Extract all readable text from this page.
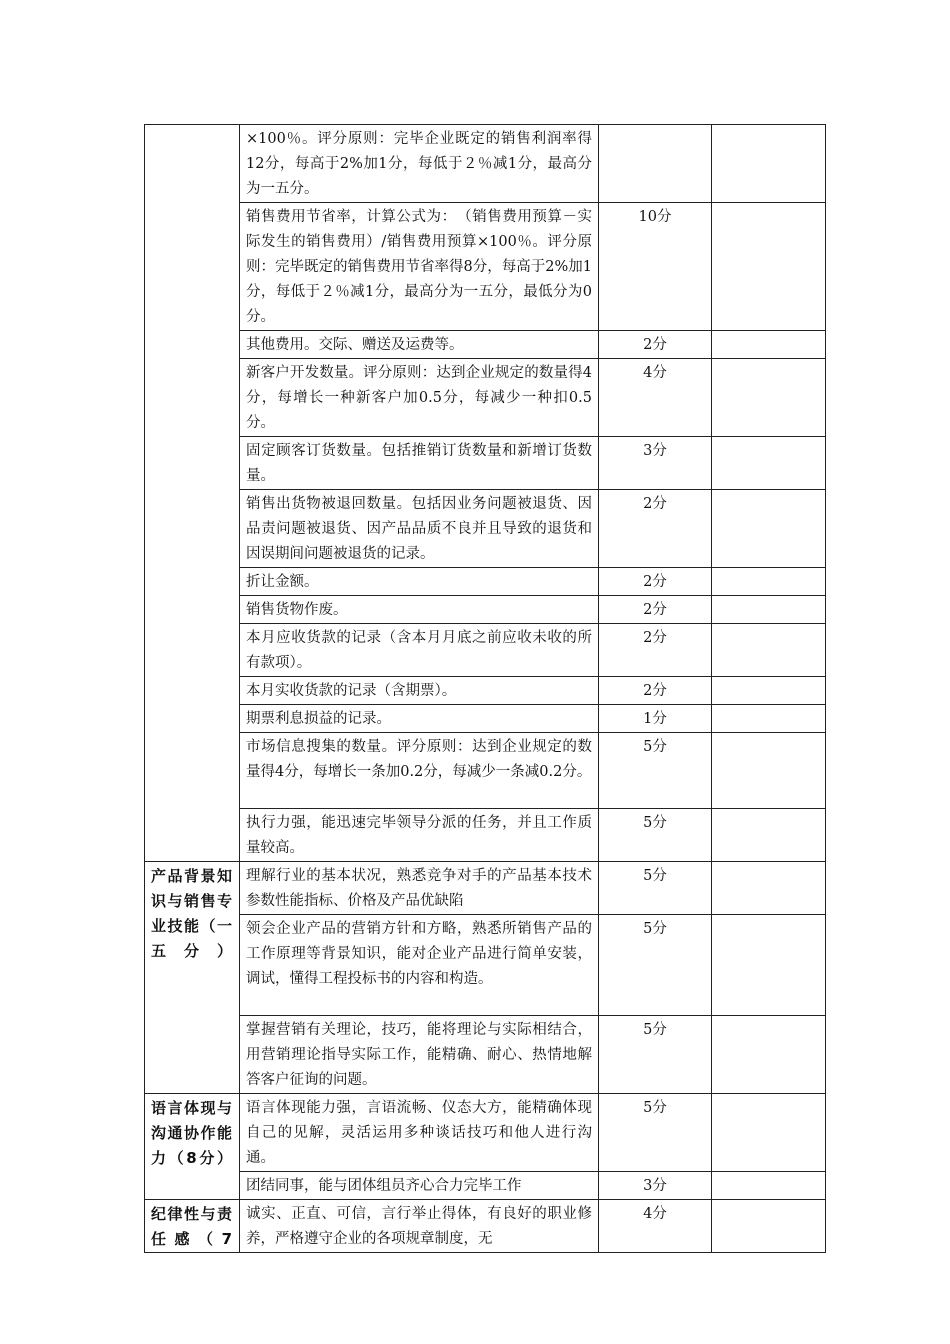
	×100％。评分原则：完毕企业既定的销售利润率得12分，每高于2%加1分，每低于２％减1分，最高分为一五分。		
	销售费用节省率，计算公式为：　（销售费用预算－实际发生的销售费用）/销售费用预算×100％。评分原则：完毕既定的销售费用节省率得8分，每高于2%加1分，每低于２％减1分，最高分为一五分，最低分为0分。	10分	
	其他费用。交际、赠送及运费等。	2分	
	新客户开发数量。评分原则：达到企业规定的数量得4分，每增长一种新客户加0.5分，每减少一种扣0.5分。	4分	
	固定顾客订货数量。包括推销订货数量和新增订货数量。	3分	
	销售出货物被退回数量。包括因业务问题被退货、因品责问题被退货、因产品品质不良并且导致的退货和因误期间问题被退货的记录。	2分	
	折让金额。	2分	
	销售货物作废。	2分	
	本月应收货款的记录（含本月月底之前应收未收的所有款项）。	2分	
	本月实收货款的记录（含期票）。	2分	
	期票利息损益的记录。	1分	
	市场信息搜集的数量。评分原则：达到企业规定的数量得4分，每增长一条加0.2分，每减少一条减0.2分。	5分	
	执行力强，能迅速完毕领导分派的任务，并且工作质量较高。	5分	
产品背景知识与销售专业技能（一五分）	理解行业的基本状况，熟悉竞争对手的产品基本技术参数性能指标、价格及产品优缺陷	5分	
	领会企业产品的营销方针和方略，熟悉所销售产品的工作原理等背景知识，能对企业产品进行简单安装，调试，懂得工程投标书的内容和构造。	5分	
	掌握营销有关理论，技巧，能将理论与实际相结合，用营销理论指导实际工作，能精确、耐心、热情地解答客户征询的问题。	5分	
语言体现与沟通协作能力（8分）	语言体现能力强，言语流畅、仪态大方，能精确体现自己的见解，灵活运用多种谈话技巧和他人进行沟通。	5分	
	团结同事，能与团体组员齐心合力完毕工作	3分	
纪律性与责任感（7	诚实、正直、可信，言行举止得体，有良好的职业修养，严格遵守企业的各项规章制度，无	4分	
